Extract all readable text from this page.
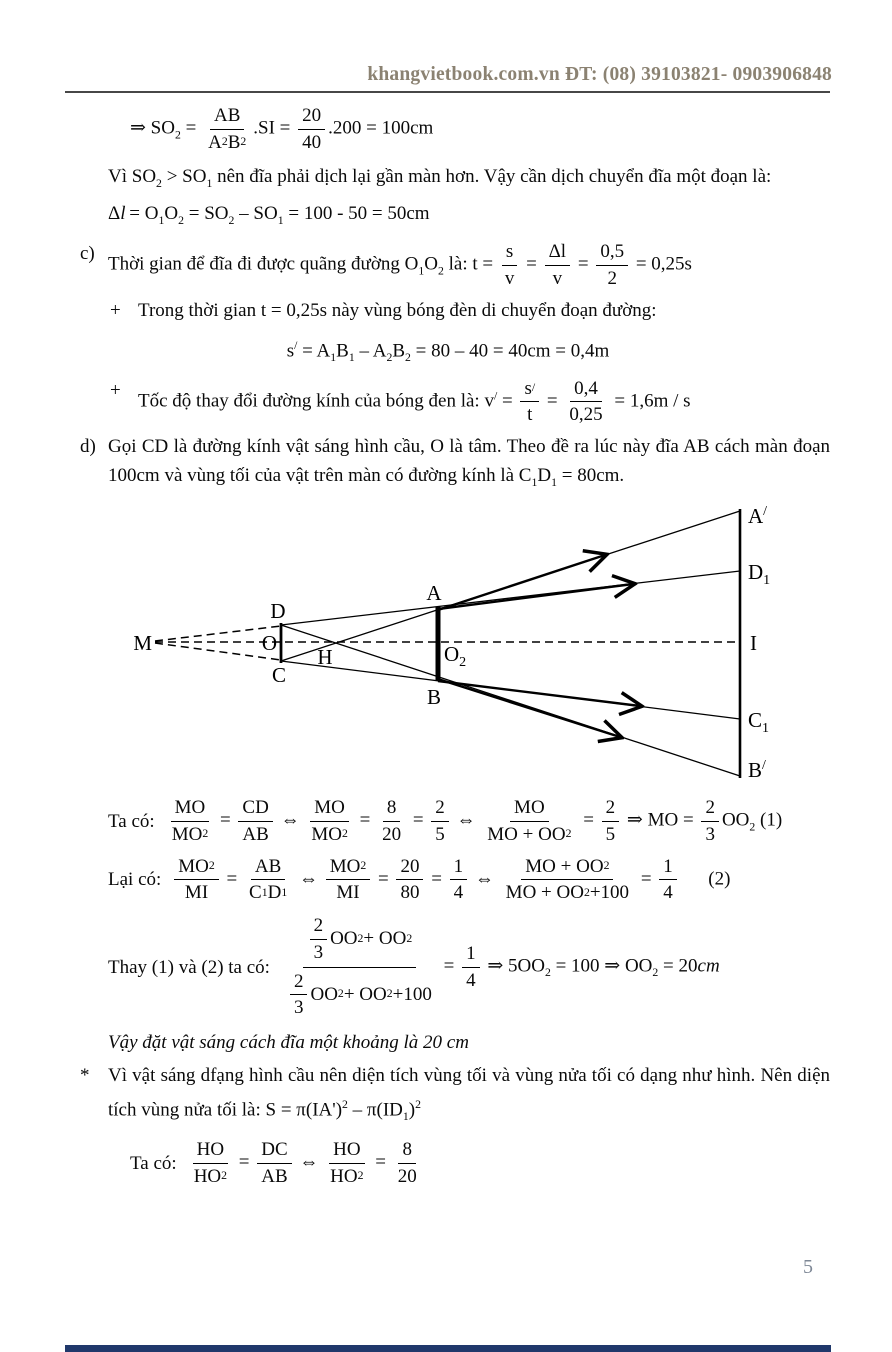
khangvietbook.com.vn ĐT: (08) 39103821- 0903906848
⇒ $SO_2 = \frac{AB}{A 2 B 2} .SI = \frac{20}{40} .200 = 100cm$
Vì $SO_2 > SO_1$ nên đĩa phải dịch lại gần màn hơn. Vậy cần dịch chuyển đĩa một đoạn là:
$\Delta l = O_1O_2 = SO_2 - SO_1 = 100 - 50 = 50cm$
c)
Thời gian để đĩa đi được quãng đường $O_1O_2$ là: $t = \frac{s}{v} = \frac{\Delta l}{v} = \frac{0,5}{2} = 0,25s$
+ Trong thời gian t = 0,25s này vùng bóng đèn di chuyển đoạn đường:
$s^/ = A_1B_1 - A_2B_2 = 80 - 40 = 40cm = 0,4m$
+
Tốc độ thay đổi đường kính của bóng đen là: $v^/ = \frac{s /}{t} = \frac{0,4}{0,25} = 1,6m / s$
d) Gọi CD là đường kính vật sáng hình cầu, O là tâm. Theo đề ra lúc này đĩa AB cách màn đoạn 100cm và vùng tối của vật trên màn có đường kính là $C_1D_1 = 80cm$.
M
D
O
C
H
A
$O_2$
B
A/
$D_1$
I
$C_1$
B/
Ta có: $\frac{MO}{MO 2} = \frac{CD}{AB}$ ⇔ $\frac{MO}{MO 2} = \frac{8}{20} = \frac{2}{5}$ ⇔ $\frac{MO}{MO + OO 2} = \frac{2}{5}$ ⇒ MO = $\frac{2}{3} OO_2$ (1)
Lại có: $\frac{MO 2}{MI} = \frac{AB}{C 1 D 1}$ ⇔ $\frac{MO 2}{MI} = \frac{20}{80} = \frac{1}{4}$ ⇔ $\frac{MO + OO 2}{MO + OO 2 +100} = \frac{1}{4} (2)$
Thay (1) và (2) ta có: $\frac{\frac{2}{3} OO 2 + OO 2}{\frac{2}{3} OO 2 + OO 2 +100} = \frac{1}{4}$ ⇒ $5OO_2 = 100$ ⇒ $OO_2 = 20cm$
Vậy đặt vật sáng cách đĩa một khoảng là 20 cm
* Vì vật sáng dfạng hình cầu nên diện tích vùng tối và vùng nửa tối có dạng như hình. Nên diện tích vùng nửa tối là: $S = \pi(IA')^2 - \pi(ID_1)^2$
Ta có: $\frac{HO}{HO 2} = \frac{DC}{AB}$ ⇔ $\frac{HO}{HO 2} = \frac{8}{20}$
5
